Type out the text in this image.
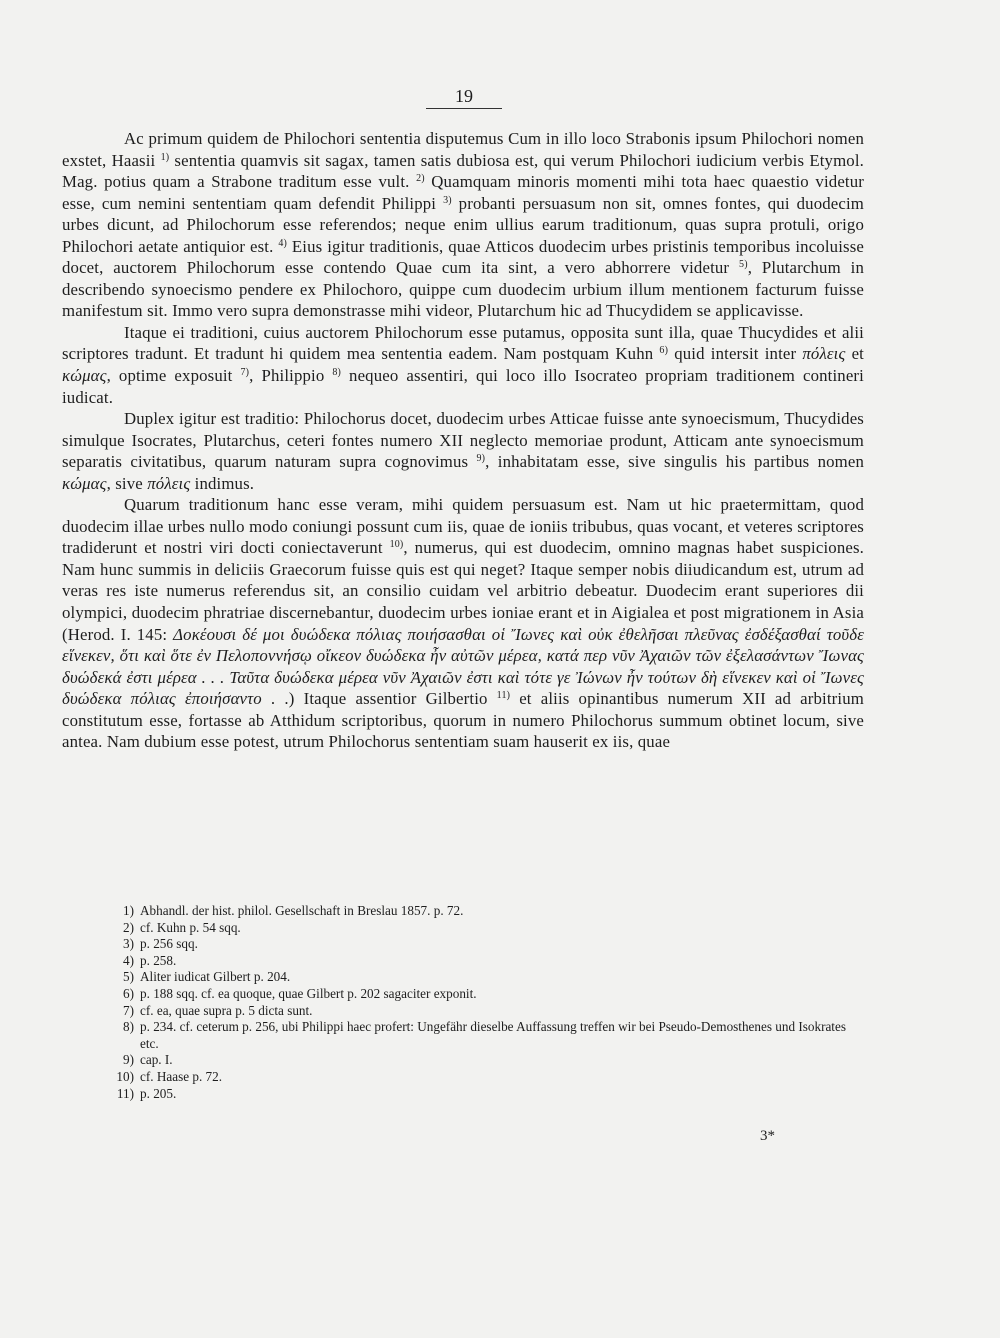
19

Ac primum quidem de Philochori sententia disputemus Cum in illo loco Strabonis ipsum Philochori nomen exstet, Haasii $^{1)}$ sententia quamvis sit sagax, tamen satis dubiosa est, qui verum Philochori iudicium verbis Etymol. Mag. potius quam a Strabone traditum esse vult. $^{2)}$ Quamquam minoris momenti mihi tota haec quaestio videtur esse, cum nemini sententiam quam defendit Philippi $^{3)}$ probanti persuasum non sit, omnes fontes, qui duodecim urbes dicunt, ad Philochorum esse referendos; neque enim ullius earum traditionum, quas supra protuli, origo Philochori aetate antiquior est. $^{4)}$ Eius igitur traditionis, quae Atticos duodecim urbes pristinis temporibus incoluisse docet, auctorem Philochorum esse contendo Quae cum ita sint, a vero abhorrere videtur $^{5)}$, Plutarchum in describendo synoecismo pendere ex Philochoro, quippe cum duodecim urbium illum mentionem facturum fuisse manifestum sit. Immo vero supra demonstrasse mihi videor, Plutarchum hic ad Thucydidem se applicavisse.

Itaque ei traditioni, cuius auctorem Philochorum esse putamus, opposita sunt illa, quae Thucydides et alii scriptores tradunt. Et tradunt hi quidem mea sententia eadem. Nam postquam Kuhn $^{6)}$ quid intersit inter πόλεις et κώμας, optime exposuit $^{7)}$, Philippio $^{8)}$ nequeo assentiri, qui loco illo Isocrateo propriam traditionem contineri iudicat.

Duplex igitur est traditio: Philochorus docet, duodecim urbes Atticae fuisse ante synoecismum, Thucydides simulque Isocrates, Plutarchus, ceteri fontes numero XII neglecto memoriae produnt, Atticam ante synoecismum separatis civitatibus, quarum naturam supra cognovimus $^{9)}$, inhabitatam esse, sive singulis his partibus nomen κώμας, sive πόλεις indimus.

Quarum traditionum hanc esse veram, mihi quidem persuasum est. Nam ut hic praetermittam, quod duodecim illae urbes nullo modo coniungi possunt cum iis, quae de ioniis tribubus, quas vocant, et veteres scriptores tradiderunt et nostri viri docti coniectaverunt $^{10)}$, numerus, qui est duodecim, omnino magnas habet suspiciones. Nam hunc summis in deliciis Graecorum fuisse quis est qui neget? Itaque semper nobis diiudicandum est, utrum ad veras res iste numerus referendus sit, an consilio cuidam vel arbitrio debeatur. Duodecim erant superiores dii olympici, duodecim phratriae discernebantur, duodecim urbes ioniae erant et in Aigialea et post migrationem in Asia (Herod. I. 145: Δοκέουσι δέ μοι δυώδεκα πόλιας ποιήσασθαι οἱ Ἴωνες καὶ οὐκ ἐθελῆσαι πλεῦνας ἐσδέξασθαί τοῦδε εἵνεκεν, ὅτι καὶ ὅτε ἐν Πελοποννήσῳ οἴκεον δυώδεκα ἦν αὐτῶν μέρεα, κατά περ νῦν Ἀχαιῶν τῶν ἐξελασάντων Ἴωνας δυώδεκά ἐστι μέρεα . . . Ταῦτα δυώδεκα μέρεα νῦν Ἀχαιῶν ἐστι καὶ τότε γε Ἰώνων ἦν τούτων δὴ εἵνεκεν καὶ οἱ Ἴωνες δυώδεκα πόλιας ἐποιήσαντο . .) Itaque assentior Gilbertio $^{11)}$ et aliis opinantibus numerum XII ad arbitrium constitutum esse, fortasse ab Atthidum scriptoribus, quorum in numero Philochorus summum obtinet locum, sive antea. Nam dubium esse potest, utrum Philochorus sententiam suam hauserit ex iis, quae

1) Abhandl. der hist. philol. Gesellschaft in Breslau 1857. p. 72.
2) cf. Kuhn p. 54 sqq.
3) p. 256 sqq.
4) p. 258.
5) Aliter iudicat Gilbert p. 204.
6) p. 188 sqq. cf. ea quoque, quae Gilbert p. 202 sagaciter exponit.
7) cf. ea, quae supra p. 5 dicta sunt.
8) p. 234. cf. ceterum p. 256, ubi Philippi haec profert: Ungefähr dieselbe Auffassung treffen wir bei Pseudo-Demosthenes und Isokrates etc.
9) cap. I.
10) cf. Haase p. 72.
11) p. 205.
3*
